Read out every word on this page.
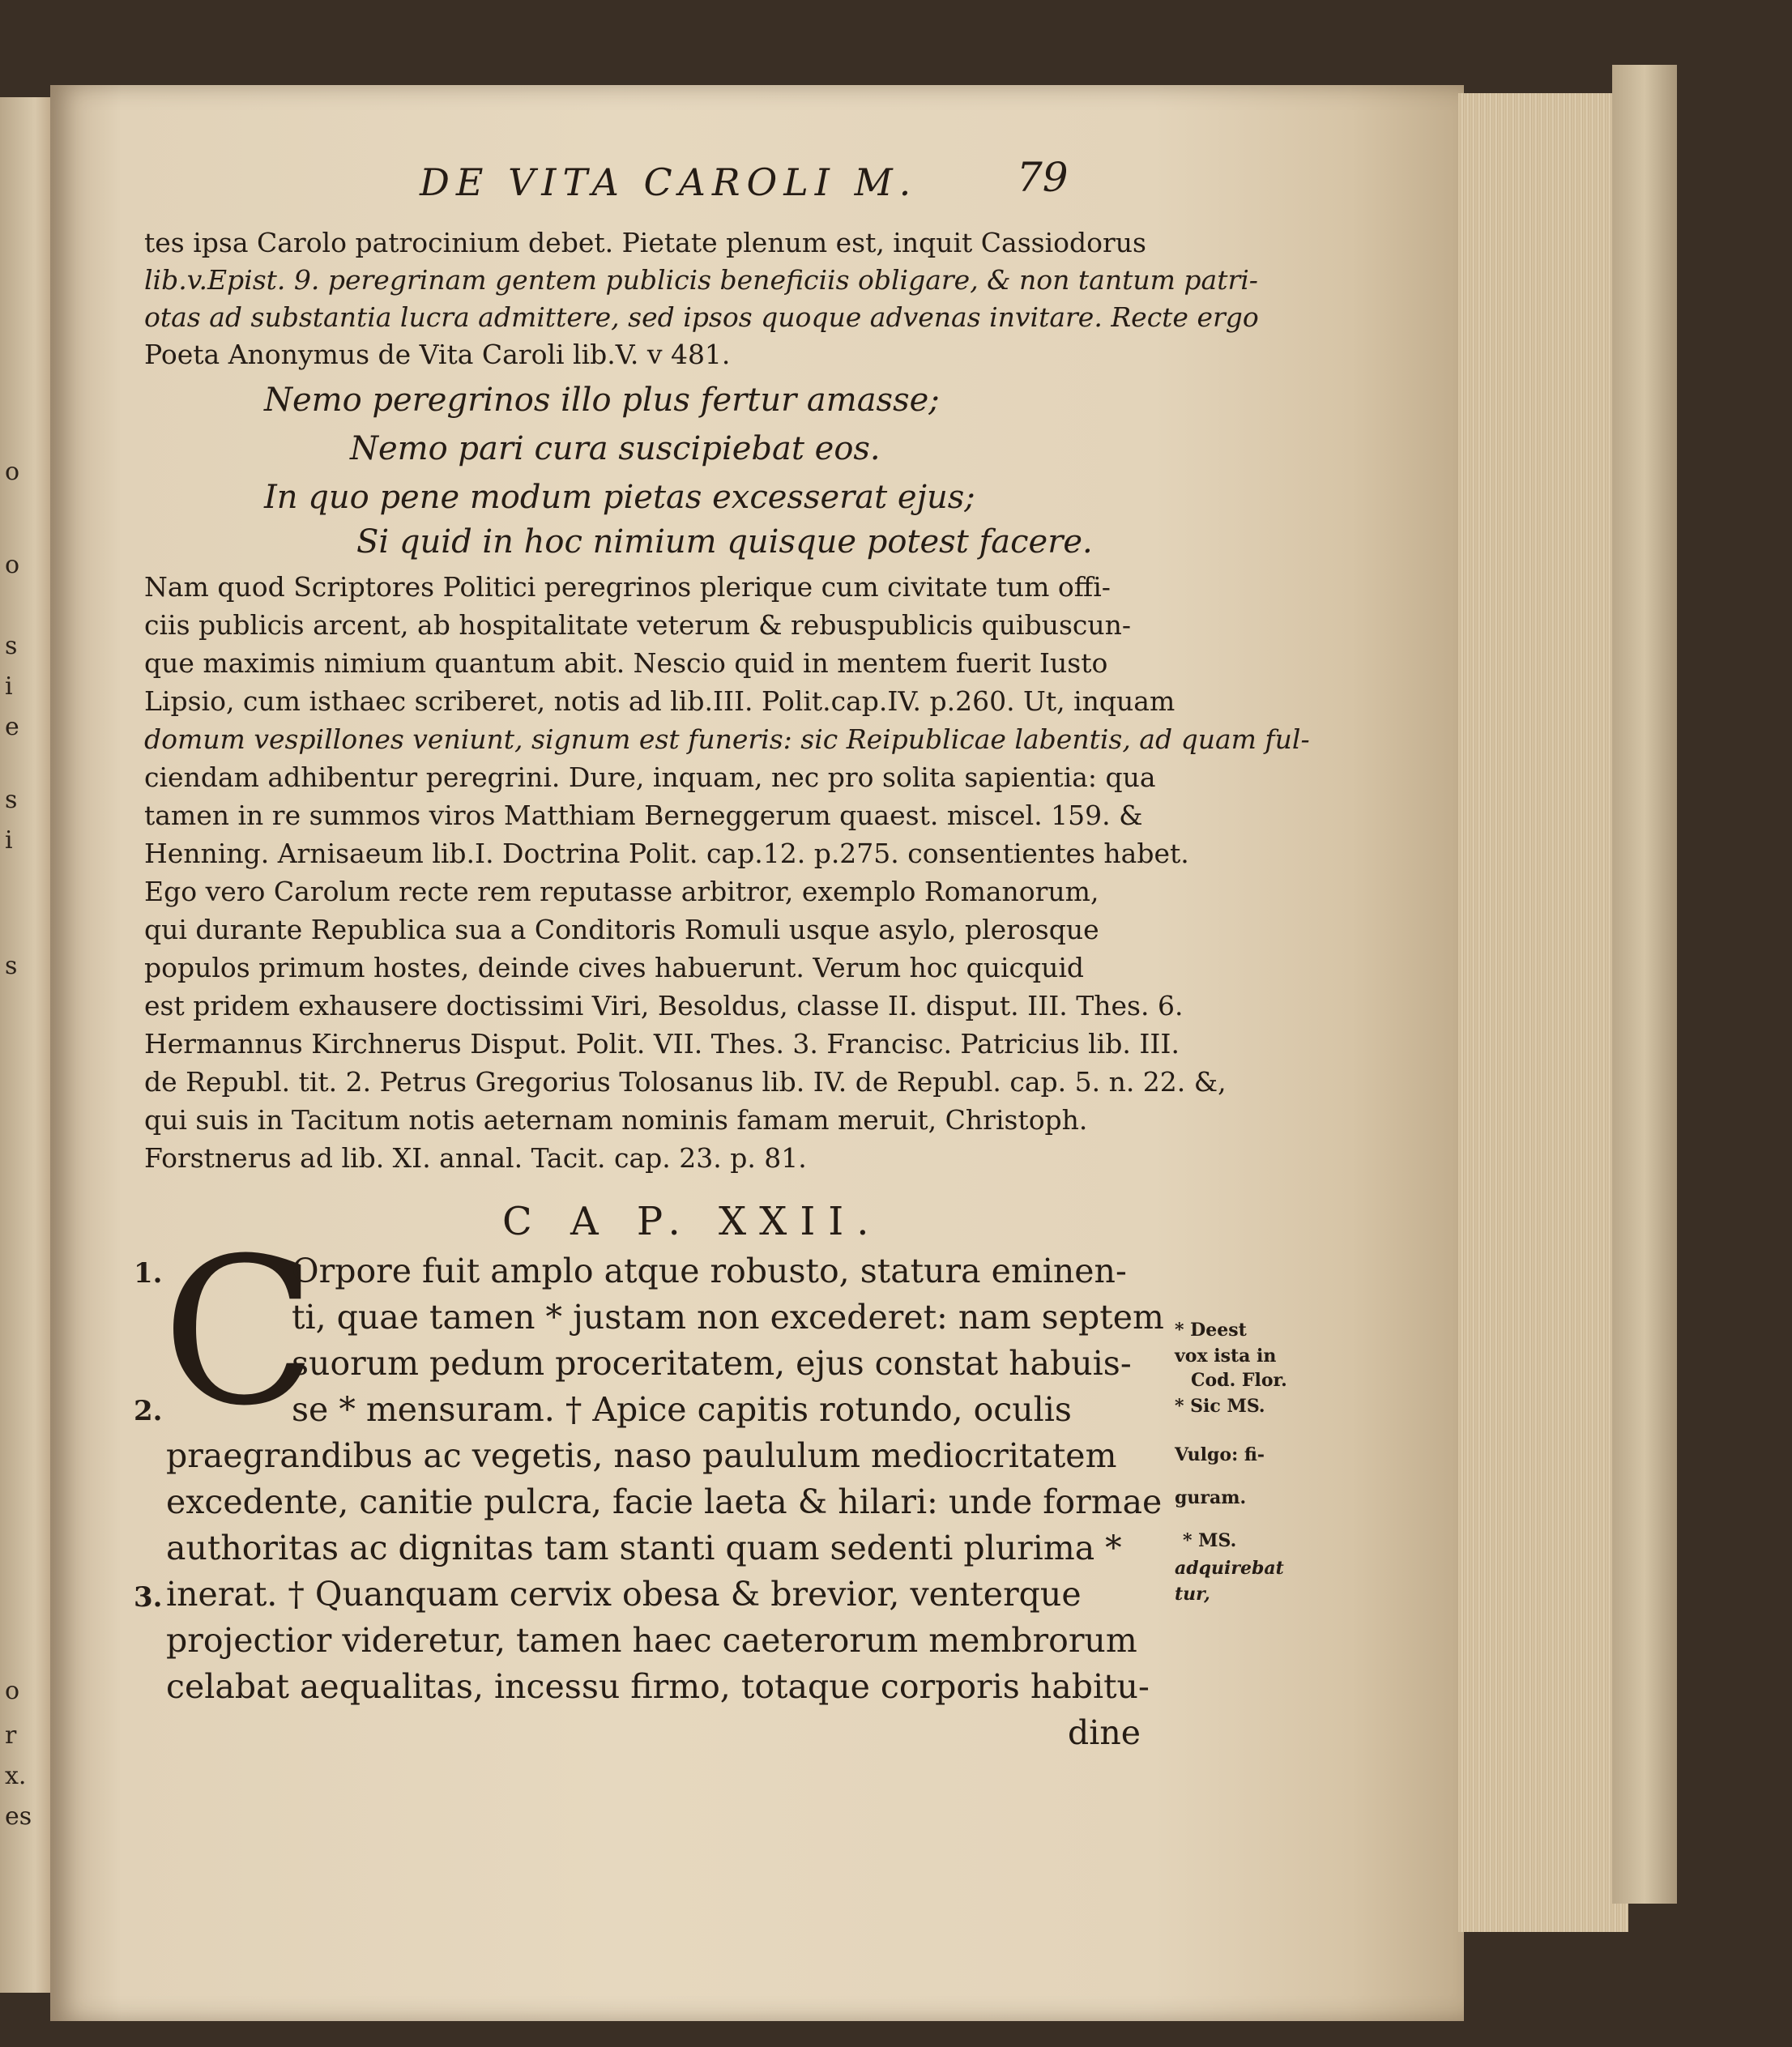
o
o
s
i
e
s
i
s
o
r
x.
es
DE VITA CAROLI M. 79
tes ipsa Carolo patrocinium debet. Pietate plenum est, inquit Cassiodorus
lib.v.Epist. 9. peregrinam gentem publicis beneficiis obligare, & non tantum patri-
otas ad substantia lucra admittere, sed ipsos quoque advenas invitare. Recte ergo
Poeta Anonymus de Vita Caroli lib.V. v 481.
Nemo peregrinos illo plus fertur amasse;
Nemo pari cura suscipiebat eos.
In quo pene modum pietas excesserat ejus;
Si quid in hoc nimium quisque potest facere.
Nam quod Scriptores Politici peregrinos plerique cum civitate tum offi-
ciis publicis arcent, ab hospitalitate veterum & rebuspublicis quibuscun-
que maximis nimium quantum abit. Nescio quid in mentem fuerit Iusto
Lipsio, cum isthaec scriberet, notis ad lib.III. Polit.cap.IV. p.260. Ut, inquam
domum vespillones veniunt, signum est funeris: sic Reipublicae labentis, ad quam ful-
ciendam adhibentur peregrini. Dure, inquam, nec pro solita sapientia: qua
tamen in re summos viros Matthiam Berneggerum quaest. miscel. 159. &
Henning. Arnisaeum lib.I. Doctrina Polit. cap.12. p.275. consentientes habet.
Ego vero Carolum recte rem reputasse arbitror, exemplo Romanorum,
qui durante Republica sua a Conditoris Romuli usque asylo, plerosque
populos primum hostes, deinde cives habuerunt. Verum hoc quicquid
est pridem exhausere doctissimi Viri, Besoldus, classe II. disput. III. Thes. 6.
Hermannus Kirchnerus Disput. Polit. VII. Thes. 3. Francisc. Patricius lib. III.
de Republ. tit. 2. Petrus Gregorius Tolosanus lib. IV. de Republ. cap. 5. n. 22. &,
qui suis in Tacitum notis aeternam nominis famam meruit, Christoph.
Forstnerus ad lib. XI. annal. Tacit. cap. 23. p. 81.
C A P. XXII.
C
1.
2.
3.
Orpore fuit amplo atque robusto, statura eminen-
ti, quae tamen * justam non excederet: nam septem
suorum pedum proceritatem, ejus constat habuis-
se * mensuram. † Apice capitis rotundo, oculis
praegrandibus ac vegetis, naso paululum mediocritatem
excedente, canitie pulcra, facie laeta & hilari: unde formae
authoritas ac dignitas tam stanti quam sedenti plurima *
inerat. † Quanquam cervix obesa & brevior, venterque
projectior videretur, tamen haec caeterorum membrorum
celabat aequalitas, incessu firmo, totaque corporis habitu-
dine
* Deest
vox ista in
Cod. Flor.
* Sic MS.
Vulgo: fi-
guram.
* MS.
adquirebat
tur,
